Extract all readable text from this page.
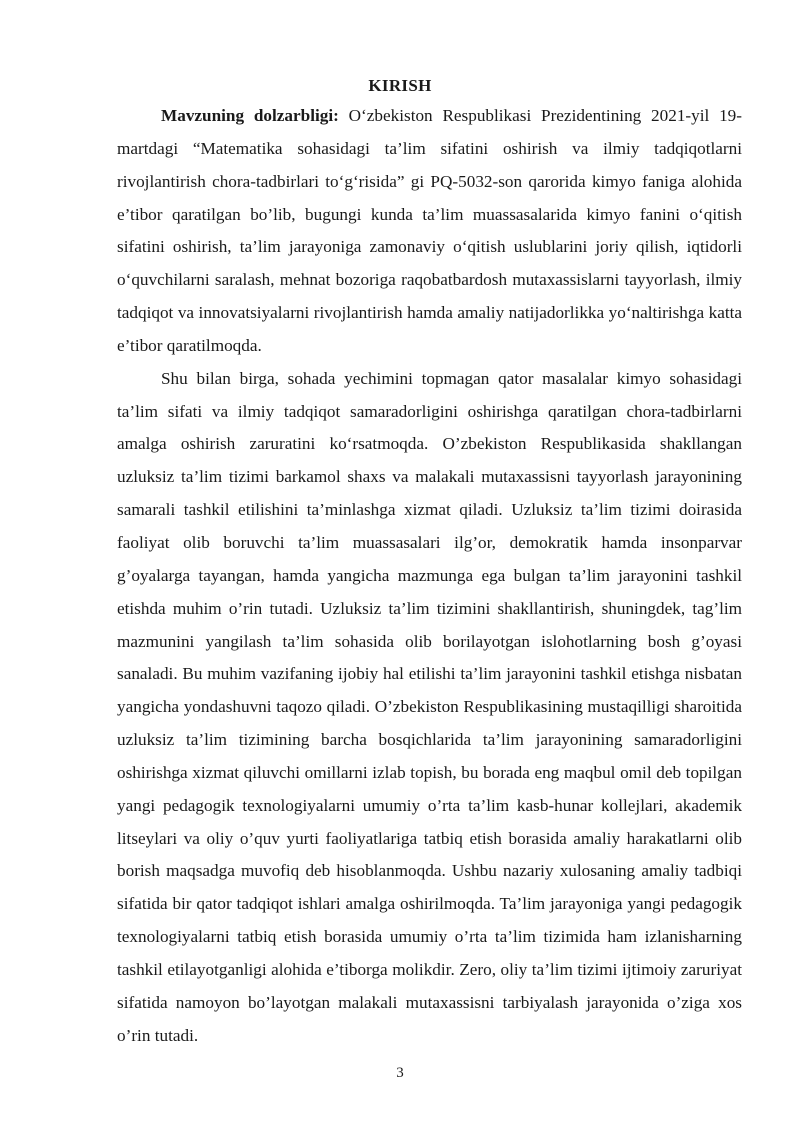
KIRISH

Mavzuning dolzarbligi: O‘zbekiston Respublikasi Prezidentining 2021-yil 19-martdagi “Matematika sohasidagi ta’lim sifatini oshirish va ilmiy tadqiqotlarni rivojlantirish chora-tadbirlari to‘g‘risida” gi PQ-5032-son qarorida kimyo faniga alohida e’tibor qaratilgan bo’lib, bugungi kunda ta’lim muassasalarida kimyo fanini o‘qitish sifatini oshirish, ta’lim jarayoniga zamonaviy o‘qitish uslublarini joriy qilish, iqtidorli o‘quvchilarni saralash, mehnat bozoriga raqobatbardosh mutaxassislarni tayyorlash, ilmiy tadqiqot va innovatsiyalarni rivojlantirish hamda amaliy natijadorlikka yo‘naltirishga katta e’tibor qaratilmoqda.

Shu bilan birga, sohada yechimini topmagan qator masalalar kimyo sohasidagi ta’lim sifati va ilmiy tadqiqot samaradorligini oshirishga qaratilgan chora-tadbirlarni amalga oshirish zaruratini ko‘rsatmoqda. O’zbekiston Respublikasida shakllangan uzluksiz ta’lim tizimi barkamol shaxs va malakali mutaxassisni tayyorlash jarayonining samarali tashkil etilishini ta’minlashga xizmat qiladi. Uzluksiz ta’lim tizimi doirasida faoliyat olib boruvchi ta’lim muassasalari ilg’or, demokratik hamda insonparvar g’oyalarga tayangan, hamda yangicha mazmunga ega bulgan ta’lim jarayonini tashkil etishda muhim o’rin tutadi. Uzluksiz ta’lim tizimini shakllantirish, shuningdek, tag’lim mazmunini yangilash ta’lim sohasida olib borilayotgan islohotlarning bosh g’oyasi sanaladi. Bu muhim vazifaning ijobiy hal etilishi ta’lim jarayonini tashkil etishga nisbatan yangicha yondashuvni taqozo qiladi. O’zbekiston Respublikasining mustaqilligi sharoitida uzluksiz ta’lim tizimining barcha bosqichlarida ta’lim jarayonining samaradorligini oshirishga xizmat qiluvchi omillarni izlab topish, bu borada eng maqbul omil deb topilgan yangi pedagogik texnologiyalarni umumiy o’rta ta’lim kasb-hunar kollejlari, akademik litseylari va oliy o’quv yurti faoliyatlariga tatbiq etish borasida amaliy harakatlarni olib borish maqsadga muvofiq deb hisoblanmoqda. Ushbu nazariy xulosaning amaliy tadbiqi sifatida bir qator tadqiqot ishlari amalga oshirilmoqda. Ta’lim jarayoniga yangi pedagogik texnologiyalarni tatbiq etish borasida umumiy o’rta ta’lim tizimida ham izlanisharning tashkil etilayotganligi alohida e’tiborga molikdir. Zero, oliy ta’lim tizimi ijtimoiy zaruriyat sifatida namoyon bo’layotgan malakali mutaxassisni tarbiyalash jarayonida o’ziga xos o’rin tutadi.

3
